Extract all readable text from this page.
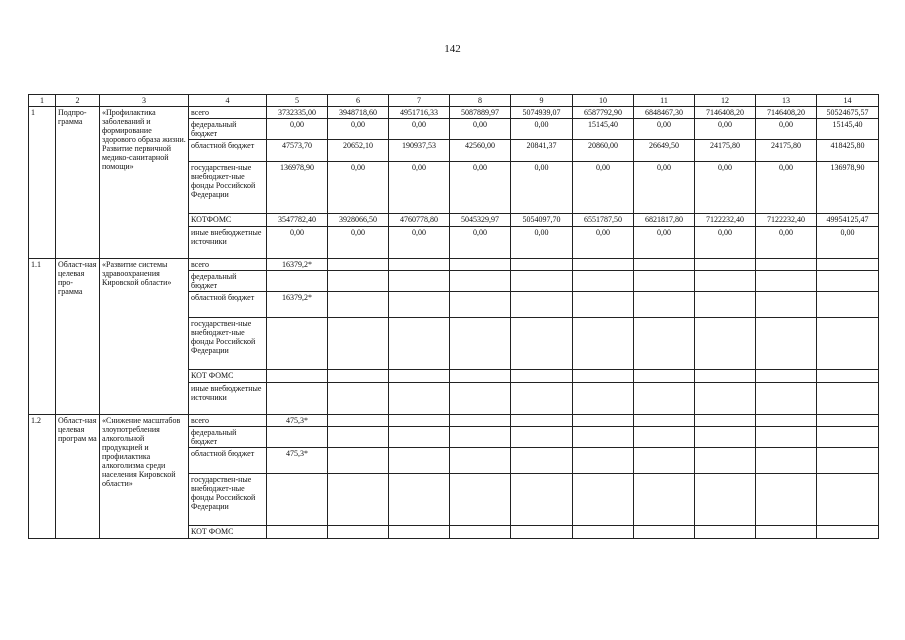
142
1	2	3	4	5	6	7	8	9	10	11	12	13	14
1	Подпро-грамма	«Профилактика заболеваний и формирование здорового образа жизни. Развитие первичной медико-санитарной помощи»	всего	3732335,00	3948718,60	4951716,33	5087889,97	5074939,07	6587792,90	6848467,30	7146408,20	7146408,20	50524675,57
			федеральный бюджет	0,00	0,00	0,00	0,00	0,00	15145,40	0,00	0,00	0,00	15145,40
			областной бюджет	47573,70	20652,10	190937,53	42560,00	20841,37	20860,00	26649,50	24175,80	24175,80	418425,80
			государствен-ные внебюджет-ные фонды Российской Федерации	136978,90	0,00	0,00	0,00	0,00	0,00	0,00	0,00	0,00	136978,90
			КОТФОМС	3547782,40	3928066,50	4760778,80	5045329,97	5054097,70	6551787,50	6821817,80	7122232,40	7122232,40	49954125,47
			иные внебюджетные источники	0,00	0,00	0,00	0,00	0,00	0,00	0,00	0,00	0,00	0,00
1.1	Област-ная целевая про-грамма	«Развитие системы здравоохранения Кировской области»	всего	16379,2*									
			федеральный бюджет										
			областной бюджет	16379,2*									
			государствен-ные внебюджет-ные фонды Российской Федерации										
			КОТ ФОМС										
			иные внебюджетные источники										
1.2	Област-ная целевая програм ма	«Снижение масштабов злоупотребления алкогольной продукцией и профилактика алкоголизма среди населения Кировской области»	всего	475,3*									
			федеральный бюджет										
			областной бюджет	475,3*									
			государствен-ные внебюджет-ные фонды Российской Федерации										
			КОТ ФОМС										
